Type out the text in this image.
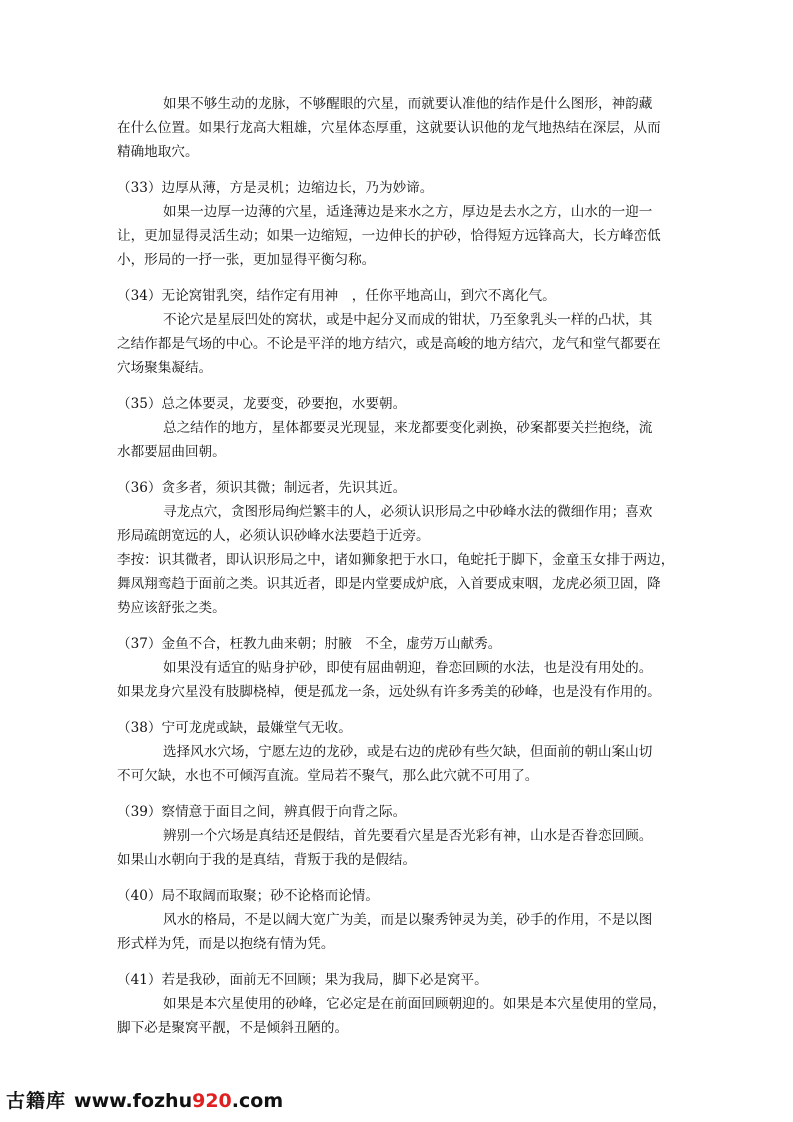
如果不够生动的龙脉，不够醒眼的穴星，而就要认准他的结作是什么图形，神韵藏
在什么位置。如果行龙高大粗雄，穴星体态厚重，这就要认识他的龙气地热结在深层，从而
精确地取穴。

（33）边厚从薄，方是灵机；边缩边长，乃为妙谛。

如果一边厚一边薄的穴星，适逢薄边是来水之方，厚边是去水之方，山水的一迎一
让，更加显得灵活生动；如果一边缩短，一边伸长的护砂，恰得短方远锋高大，长方峰峦低
小，形局的一抒一张，更加显得平衡匀称。

（34）无论窝钳乳突，结作定有用神　，任你平地高山，到穴不离化气。

不论穴是星辰凹处的窝状，或是中起分叉而成的钳状，乃至象乳头一样的凸状，其
之结作都是气场的中心。不论是平洋的地方结穴，或是高峻的地方结穴，龙气和堂气都要在
穴场聚集凝结。

（35）总之体要灵，龙要变，砂要抱，水要朝。

总之结作的地方，星体都要灵光现显，来龙都要变化剥换，砂案都要关拦抱绕，流
水都要屈曲回朝。

（36）贪多者，须识其微；制远者，先识其近。

寻龙点穴，贪图形局绚烂繁丰的人，必须认识形局之中砂峰水法的微细作用；喜欢
形局疏朗宽远的人，必须认识砂峰水法要趋于近旁。

李按：识其微者，即认识形局之中，诸如狮象把于水口，龟蛇托于脚下，金童玉女排于两边，
舞凤翔鸾趋于面前之类。识其近者，即是内堂要成炉底，入首要成束咽，龙虎必须卫固，降
势应该舒张之类。

（37）金鱼不合，枉教九曲来朝；肘腋　不全，虚劳万山献秀。

如果没有适宜的贴身护砂，即使有屈曲朝迎，眷恋回顾的水法，也是没有用处的。
如果龙身穴星没有肢脚桡棹，便是孤龙一条，远处纵有许多秀美的砂峰，也是没有作用的。

（38）宁可龙虎或缺，最嫌堂气无收。

选择风水穴场，宁愿左边的龙砂，或是右边的虎砂有些欠缺，但面前的朝山案山切
不可欠缺，水也不可倾泻直流。堂局若不聚气，那么此穴就不可用了。

（39）察情意于面目之间，辨真假于向背之际。

辨别一个穴场是真结还是假结，首先要看穴星是否光彩有神，山水是否眷恋回顾。
如果山水朝向于我的是真结，背叛于我的是假结。

（40）局不取阔而取聚；砂不论格而论情。

风水的格局，不是以阔大宽广为美，而是以聚秀钟灵为美，砂手的作用，不是以图
形式样为凭，而是以抱绕有情为凭。

（41）若是我砂，面前无不回顾；果为我局，脚下必是窝平。

如果是本穴星使用的砂峰，它必定是在前面回顾朝迎的。如果是本穴星使用的堂局，
脚下必是聚窝平靓，不是倾斜丑陋的。

古籍库 www.fozhu920.com
